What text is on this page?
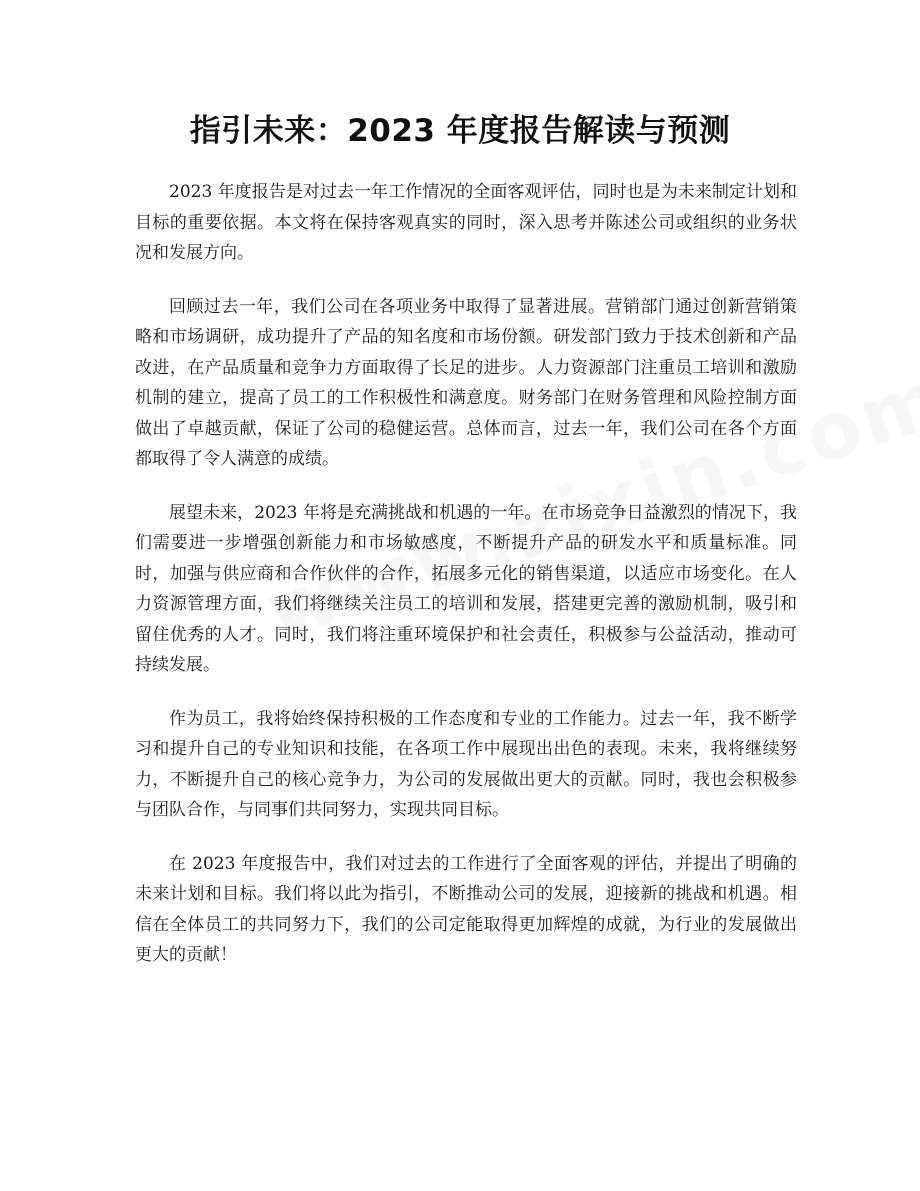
指引未来：2023 年度报告解读与预测

2023 年度报告是对过去一年工作情况的全面客观评估，同时也是为未来制定计划和目标的重要依据。本文将在保持客观真实的同时，深入思考并陈述公司或组织的业务状况和发展方向。

回顾过去一年，我们公司在各项业务中取得了显著进展。营销部门通过创新营销策略和市场调研，成功提升了产品的知名度和市场份额。研发部门致力于技术创新和产品改进，在产品质量和竞争力方面取得了长足的进步。人力资源部门注重员工培训和激励机制的建立，提高了员工的工作积极性和满意度。财务部门在财务管理和风险控制方面做出了卓越贡献，保证了公司的稳健运营。总体而言，过去一年，我们公司在各个方面都取得了令人满意的成绩。

展望未来，2023 年将是充满挑战和机遇的一年。在市场竞争日益激烈的情况下，我们需要进一步增强创新能力和市场敏感度，不断提升产品的研发水平和质量标准。同时，加强与供应商和合作伙伴的合作，拓展多元化的销售渠道，以适应市场变化。在人力资源管理方面，我们将继续关注员工的培训和发展，搭建更完善的激励机制，吸引和留住优秀的人才。同时，我们将注重环境保护和社会责任，积极参与公益活动，推动可持续发展。

作为员工，我将始终保持积极的工作态度和专业的工作能力。过去一年，我不断学习和提升自己的专业知识和技能，在各项工作中展现出出色的表现。未来，我将继续努力，不断提升自己的核心竞争力，为公司的发展做出更大的贡献。同时，我也会积极参与团队合作，与同事们共同努力，实现共同目标。

在 2023 年度报告中，我们对过去的工作进行了全面客观的评估，并提出了明确的未来计划和目标。我们将以此为指引，不断推动公司的发展，迎接新的挑战和机遇。相信在全体员工的共同努力下，我们的公司定能取得更加辉煌的成就，为行业的发展做出更大的贡献！
